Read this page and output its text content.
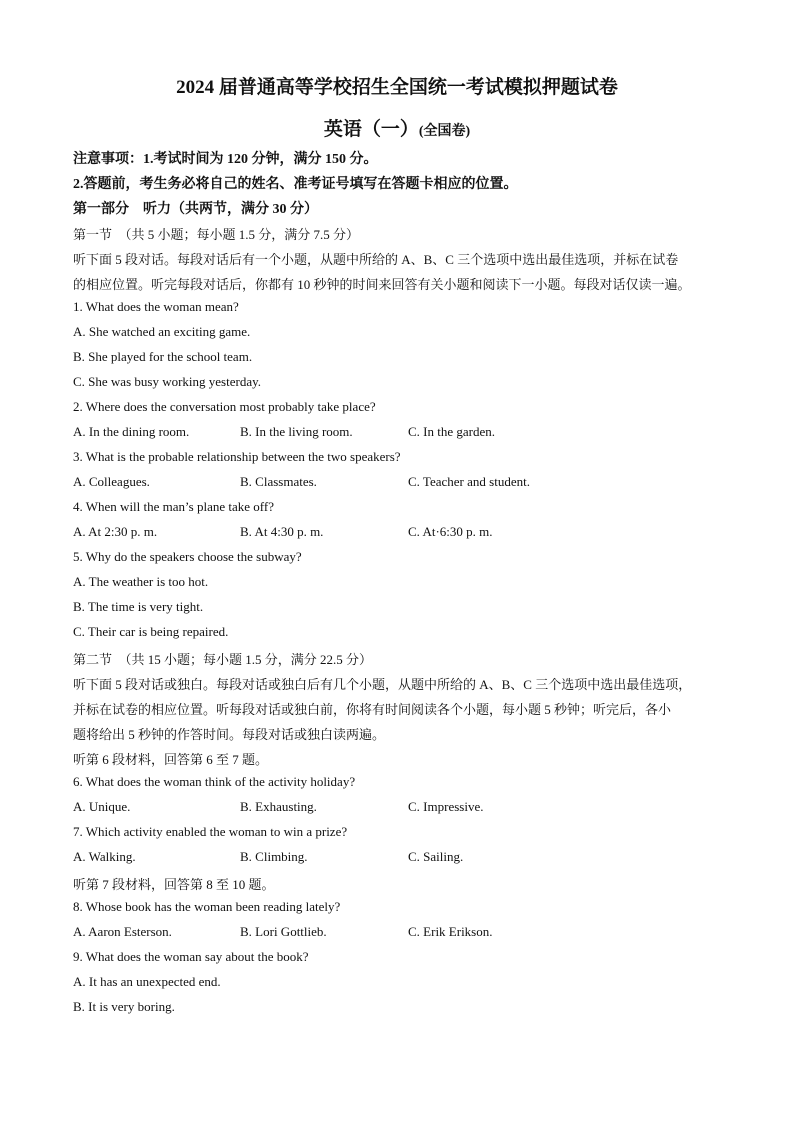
2024 届普通高等学校招生全国统一考试模拟押题试卷
英语（一）(全国卷)
注意事项：1.考试时间为 120 分钟，满分 150 分。
2.答题前，考生务必将自己的姓名、准考证号填写在答题卡相应的位置。
第一部分　听力（共两节，满分 30 分）
第一节　（共 5 小题；每小题 1.5 分，满分 7.5 分）
听下面 5 段对话。每段对话后有一个小题，从题中所给的 A、B、C 三个选项中选出最佳选项，并标在试卷
的相应位置。听完每段对话后，你都有 10 秒钟的时间来回答有关小题和阅读下一小题。每段对话仅读一遍。
1. What does the woman mean?
A. She watched an exciting game.
B. She played for the school team.
C. She was busy working yesterday.
2. Where does the conversation most probably take place?
A. In the dining room.	B. In the living room.	C. In the garden.
3. What is the probable relationship between the two speakers?
A. Colleagues.	B. Classmates.	C. Teacher and student.
4. When will the man’s plane take off?
A. At 2:30 p. m.	B. At 4:30 p. m.	C. At·6:30 p. m.
5. Why do the speakers choose the subway?
A. The weather is too hot.
B. The time is very tight.
C. Their car is being repaired.
第二节　（共 15 小题；每小题 1.5 分，满分 22.5 分）
听下面 5 段对话或独白。每段对话或独白后有几个小题，从题中所给的 A、B、C 三个选项中选出最佳选项，
并标在试卷的相应位置。听每段对话或独白前，你将有时间阅读各个小题，每小题 5 秒钟；听完后，各小
题将给出 5 秒钟的作答时间。每段对话或独白读两遍。
听第 6 段材料，回答第 6 至 7 题。
6. What does the woman think of the activity holiday?
A. Unique.	B. Exhausting.	C. Impressive.
7. Which activity enabled the woman to win a prize?
A. Walking.	B. Climbing.	C. Sailing.
听第 7 段材料，回答第 8 至 10 题。
8. Whose book has the woman been reading lately?
A. Aaron Esterson.	B. Lori Gottlieb.	C. Erik Erikson.
9. What does the woman say about the book?
A. It has an unexpected end.
B. It is very boring.
